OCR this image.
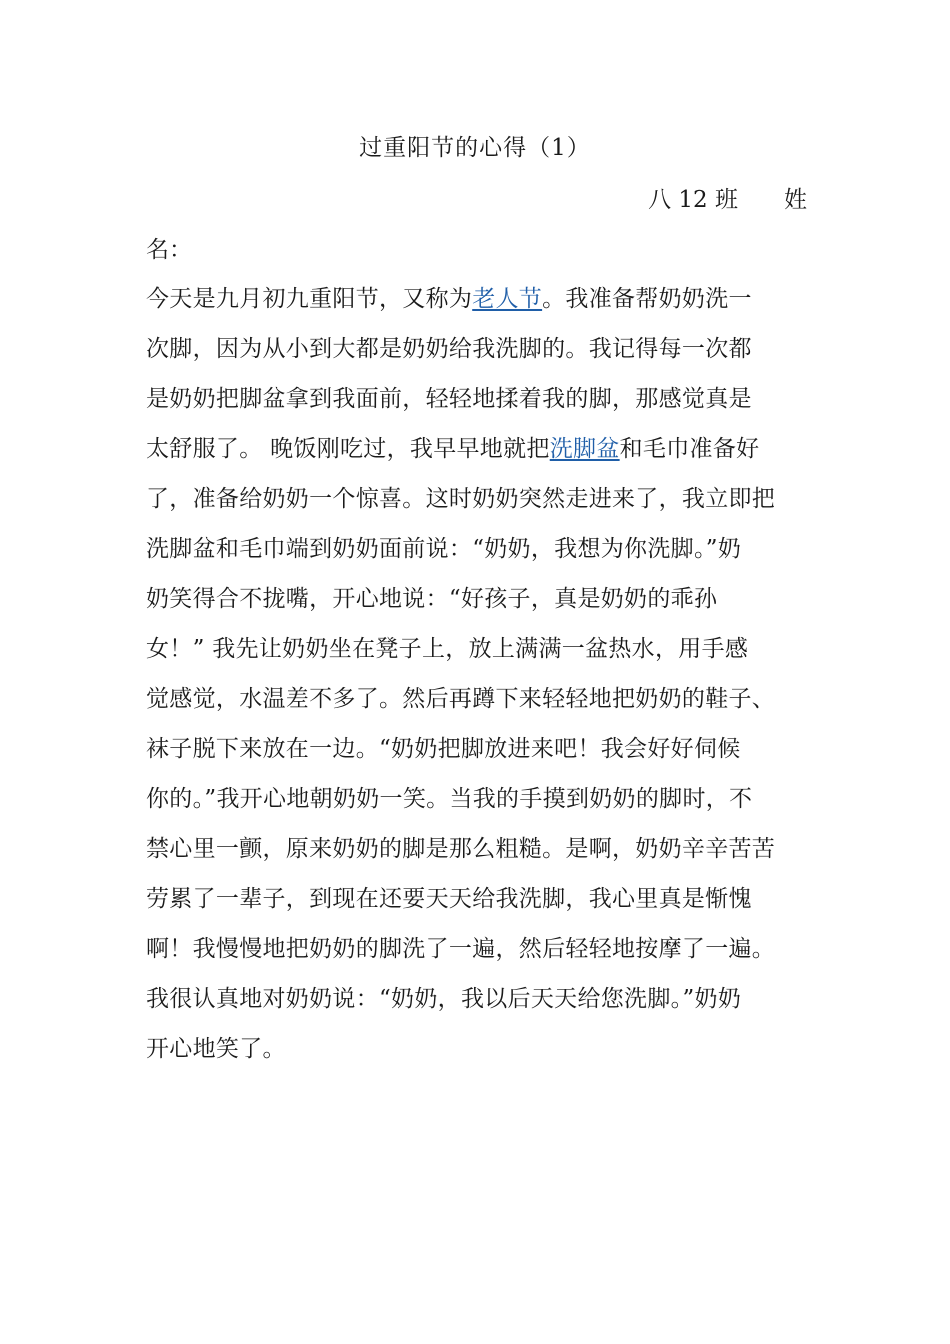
过重阳节的心得（1）
八 12 班　　姓
名：
今天是九月初九重阳节，又称为老人节。我准备帮奶奶洗一
次脚，因为从小到大都是奶奶给我洗脚的。我记得每一次都
是奶奶把脚盆拿到我面前，轻轻地揉着我的脚，那感觉真是
太舒服了。 晚饭刚吃过，我早早地就把洗脚盆和毛巾准备好
了，准备给奶奶一个惊喜。这时奶奶突然走进来了，我立即把
洗脚盆和毛巾端到奶奶面前说：“奶奶，我想为你洗脚。”奶
奶笑得合不拢嘴，开心地说：“好孩子，真是奶奶的乖孙
女！” 我先让奶奶坐在凳子上，放上满满一盆热水，用手感
觉感觉，水温差不多了。然后再蹲下来轻轻地把奶奶的鞋子、
袜子脱下来放在一边。“奶奶把脚放进来吧！我会好好伺候
你的。”我开心地朝奶奶一笑。当我的手摸到奶奶的脚时，不
禁心里一颤，原来奶奶的脚是那么粗糙。是啊，奶奶辛辛苦苦
劳累了一辈子，到现在还要天天给我洗脚，我心里真是惭愧
啊！我慢慢地把奶奶的脚洗了一遍，然后轻轻地按摩了一遍。
我很认真地对奶奶说：“奶奶，我以后天天给您洗脚。”奶奶
开心地笑了。
